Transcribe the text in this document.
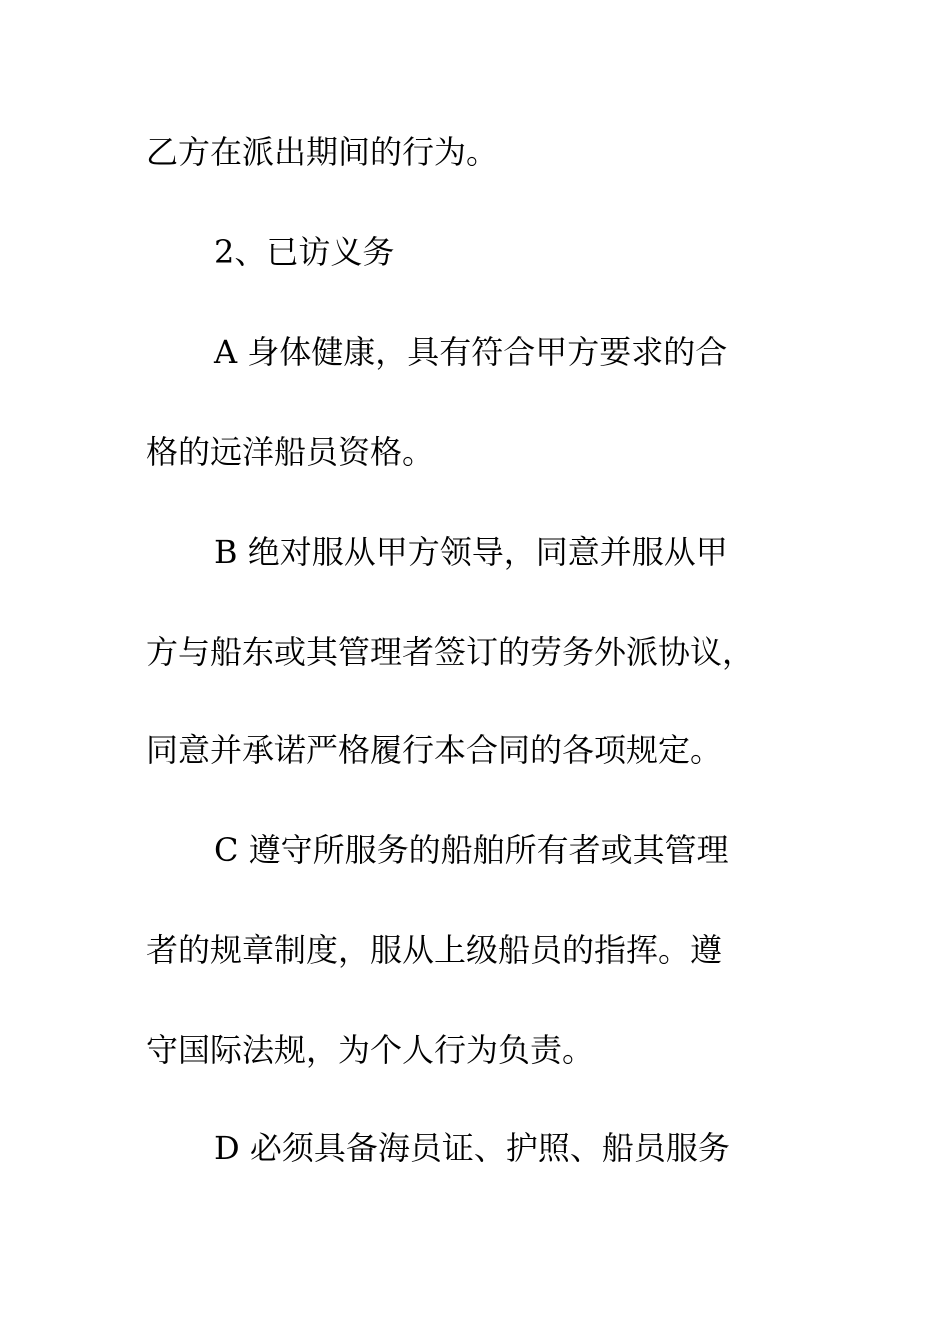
乙方在派出期间的行为。
2、已访义务
A 身体健康，具有符合甲方要求的合
格的远洋船员资格。
B 绝对服从甲方领导，同意并服从甲
方与船东或其管理者签订的劳务外派协议，
同意并承诺严格履行本合同的各项规定。
C 遵守所服务的船舶所有者或其管理
者的规章制度，服从上级船员的指挥。遵
守国际法规，为个人行为负责。
D 必须具备海员证、护照、船员服务
